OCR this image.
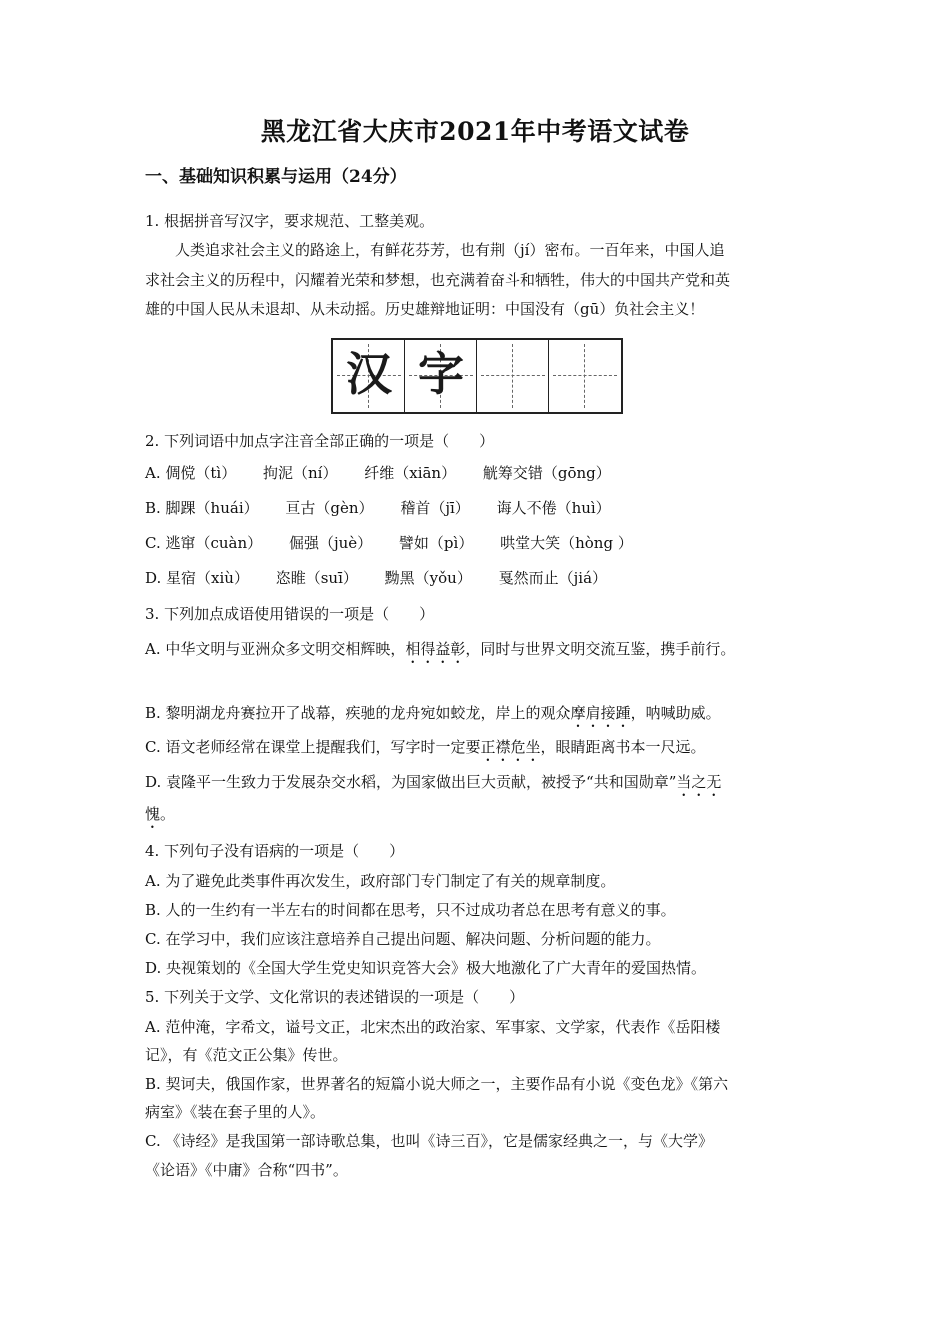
黑龙江省大庆市2021年中考语文试卷
一、基础知识积累与运用（24分）
1. 根据拼音写汉字，要求规范、工整美观。
人类追求社会主义的路途上，有鲜花芬芳，也有荆（jí）密布。一百年来，中国人追
求社会主义的历程中，闪耀着光荣和梦想，也充满着奋斗和牺牲，伟大的中国共产党和英
雄的中国人民从未退却、从未动摇。历史雄辩地证明：中国没有（gū）负社会主义！
汉 字
2. 下列词语中加点字注音全部正确的一项是（　　）
A. 倜傥（tì） 拘泥（ní） 纤维（xiān） 觥筹交错（gōng）
B. 脚踝（huái） 亘古（gèn） 稽首（jī） 诲人不倦（huì）
C. 逃窜（cuàn） 倔强（juè） 譬如（pì） 哄堂大笑（hòng ）
D. 星宿（xiù） 恣睢（suī） 黝黑（yǒu） 戛然而止（jiá）
3. 下列加点成语使用错误的一项是（　　）
A. 中华文明与亚洲众多文明交相辉映，相得益彰，同时与世界文明交流互鉴，携手前行。
B. 黎明湖龙舟赛拉开了战幕，疾驰的龙舟宛如蛟龙，岸上的观众摩肩接踵，呐喊助威。
C. 语文老师经常在课堂上提醒我们，写字时一定要正襟危坐，眼睛距离书本一尺远。
D. 袁隆平一生致力于发展杂交水稻，为国家做出巨大贡献，被授予“共和国勋章”当之无
愧。
4. 下列句子没有语病的一项是（　　）
A. 为了避免此类事件再次发生，政府部门专门制定了有关的规章制度。
B. 人的一生约有一半左右的时间都在思考，只不过成功者总在思考有意义的事。
C. 在学习中，我们应该注意培养自己提出问题、解决问题、分析问题的能力。
D. 央视策划的《全国大学生党史知识竞答大会》极大地激化了广大青年的爱国热情。
5. 下列关于文学、文化常识的表述错误的一项是（　　）
A. 范仲淹，字希文，谥号文正，北宋杰出的政治家、军事家、文学家，代表作《岳阳楼
记》，有《范文正公集》传世。
B. 契诃夫，俄国作家，世界著名的短篇小说大师之一，主要作品有小说《变色龙》《第六
病室》《装在套子里的人》。
C. 《诗经》是我国第一部诗歌总集，也叫《诗三百》，它是儒家经典之一，与《大学》
《论语》《中庸》合称“四书”。
